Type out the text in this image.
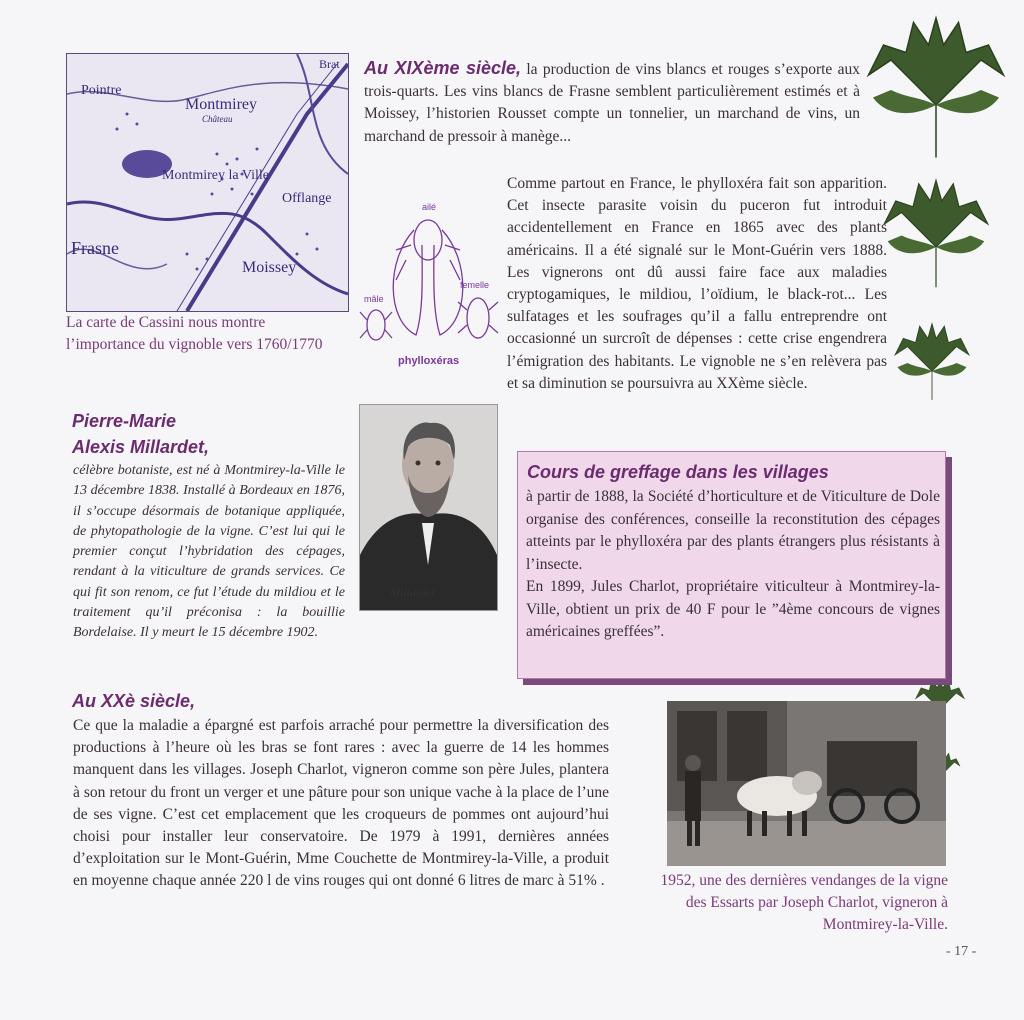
Pointre
Montmirey
Château
Montmirey la Ville
Offlange
Frasne
Moissey
Brat
La carte de Cassini nous montre l’importance du vignoble vers 1760/1770
Au XIXème siècle, la production de vins blancs et rouges s’exporte aux trois-quarts. Les vins blancs de Frasne semblent particulièrement estimés et à Moissey, l’historien Rousset compte un tonnelier, un marchand de vins, un marchand de pressoir à manège...
Comme partout en France, le phylloxéra fait son apparition. Cet insecte parasite voisin du puceron fut introduit accidentellement en France en 1865 avec des plants américains. Il a été signalé sur le Mont-Guérin vers 1888. Les vignerons ont dû aussi faire face aux maladies cryptogamiques, le mildiou, l’oïdium, le black-rot... Les sulfatages et les soufrages qu’il a fallu entreprendre ont occasionné un surcroît de dépenses : cette crise engendrera l’émigration des habitants. Le vignoble ne s’en relèvera pas et sa diminution se poursuivra au XXème siècle.
ailé
mâle
femelle
phylloxéras
Pierre-Marie
Alexis Millardet,
célèbre botaniste, est né à Montmirey-la-Ville le 13 décembre 1838. Installé à Bordeaux en 1876, il s’occupe désormais de botanique appliquée, de phytopathologie de la vigne. C’est lui qui le premier conçut l’hybridation des cépages, rendant à la viticulture de grands services. Ce qui fit son renom, ce fut l’étude du mildiou et le traitement qu’il préconisa : la bouillie Bordelaise. Il y meurt le 15 décembre 1902.
Millardet
Cours de greffage dans les villages
à partir de 1888, la Société d’horticulture et de Viticulture de Dole organise des conférences, conseille la reconstitution des cépages atteints par le phylloxéra par des plants étrangers plus résistants à l’insecte.
En 1899, Jules Charlot, propriétaire viticulteur à Montmirey-la-Ville, obtient un prix de 40 F pour le ”4ème concours de vignes américaines greffées”.
Au XXè siècle,
Ce que la maladie a épargné est parfois arraché pour permettre la diversification des productions à l’heure où les bras se font rares : avec la guerre de 14 les hommes manquent dans les villages. Joseph Charlot, vigneron comme son père Jules, plantera à son retour du front un verger et une pâture pour son unique vache à la place de l’une de ses vigne. C’est cet emplacement que les croqueurs de pommes ont aujourd’hui choisi pour installer leur conservatoire. De 1979 à 1991, dernières années d’exploitation sur le Mont-Guérin, Mme Couchette de Montmirey-la-Ville, a produit en moyenne chaque année 220 l de vins rouges qui ont donné 6 litres de marc à 51% .	1952, une des dernières vendanges de la vigne des Essarts par Joseph Charlot, vigneron à Montmirey-la-Ville.
- 17 -
